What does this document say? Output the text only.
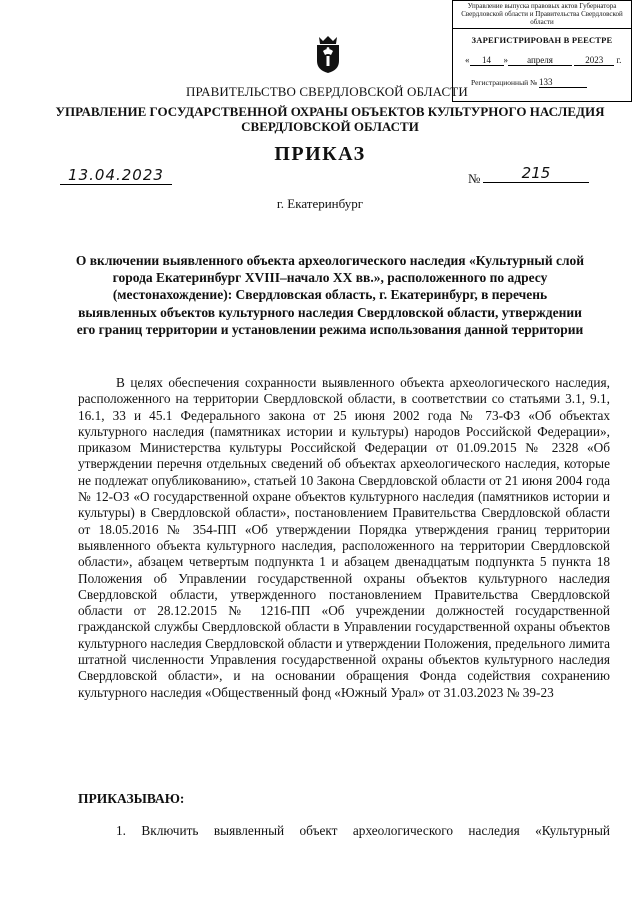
Управление выпуска правовых актов Губернатора Свердловской области и Правительства Свердловской области
ЗАРЕГИСТРИРОВАН В РЕЕСТРЕ
« 14 » апреля	2023 г.
Регистрационный № 133
ПРАВИТЕЛЬСТВО СВЕРДЛОВСКОЙ ОБЛАСТИ
УПРАВЛЕНИЕ ГОСУДАРСТВЕННОЙ ОХРАНЫ ОБЪЕКТОВ КУЛЬТУРНОГО НАСЛЕДИЯ СВЕРДЛОВСКОЙ ОБЛАСТИ
ПРИКАЗ
13.04.2023	№	215
г. Екатеринбург
О включении выявленного объекта археологического наследия «Культурный слой города Екатеринбург XVIII–начало XX вв.», расположенного по адресу (местонахождение): Свердловская область, г. Екатеринбург, в перечень выявленных объектов культурного наследия Свердловской области, утверждении его границ территории и установлении режима использования данной территории

В целях обеспечения сохранности выявленного объекта археологического наследия, расположенного на территории Свердловской области, в соответствии со статьями 3.1, 9.1, 16.1, 33 и 45.1 Федерального закона от 25 июня 2002 года № 73-ФЗ «Об объектах культурного наследия (памятниках истории и культуры) народов Российской Федерации», приказом Министерства культуры Российской Федерации от 01.09.2015 № 2328 «Об утверждении перечня отдельных сведений об объектах археологического наследия, которые не подлежат опубликованию», статьей 10 Закона Свердловской области от 21 июня 2004 года № 12-ОЗ «О государственной охране объектов культурного наследия (памятников истории и культуры) в Свердловской области», постановлением Правительства Свердловской области от 18.05.2016 № 354-ПП «Об утверждении Порядка утверждения границ территории выявленного объекта культурного наследия, расположенного на территории Свердловской области», абзацем четвертым подпункта 1 и абзацем двенадцатым подпункта 5 пункта 18 Положения об Управлении государственной охраны объектов культурного наследия Свердловской области, утвержденного постановлением Правительства Свердловской области от 28.12.2015 № 1216-ПП «Об учреждении должностей государственной гражданской службы Свердловской области в Управлении государственной охраны объектов культурного наследия Свердловской области и утверждении Положения, предельного лимита штатной численности Управления государственной охраны объектов культурного наследия Свердловской области», и на основании обращения Фонда содействия сохранению культурного наследия «Общественный фонд «Южный Урал» от 31.03.2023 № 39-23

ПРИКАЗЫВАЮ:
1. Включить выявленный объект археологического наследия «Культурный
